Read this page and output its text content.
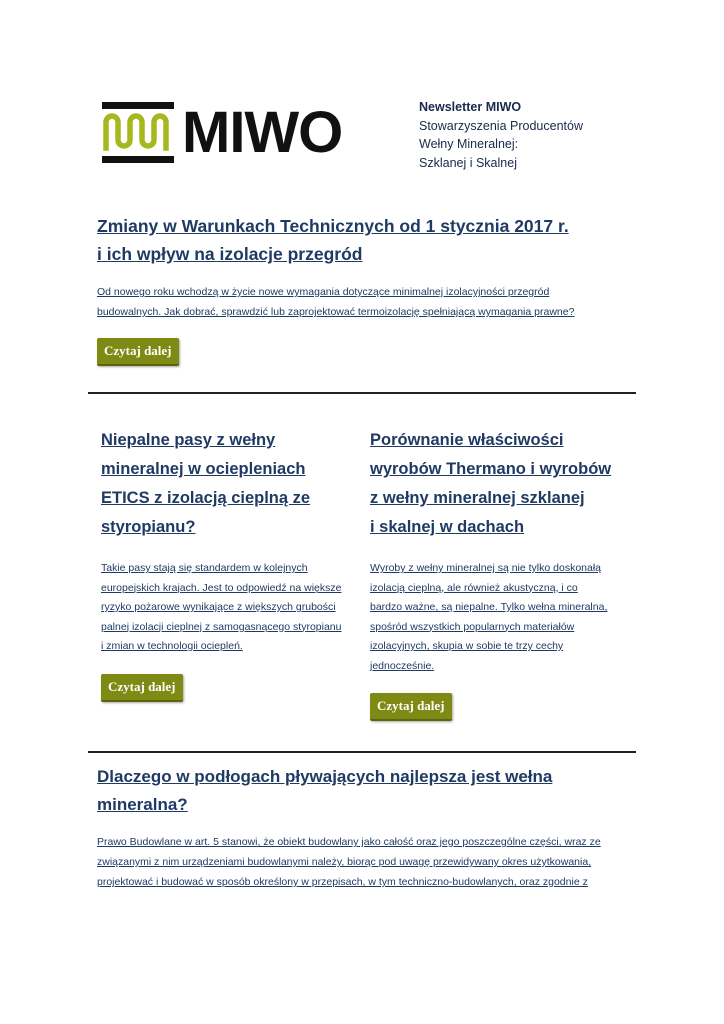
MIWO	Newsletter MIWO
Stowarzyszenia Producentów
Wełny Mineralnej:
Szklanej i Skalnej
Zmiany w Warunkach Technicznych od 1 stycznia 2017 r.
i ich wpływ na izolacje przegród
Od nowego roku wchodzą w życie nowe wymagania dotyczące minimalnej izolacyjności przegród
budowalnych. Jak dobrać, sprawdzić lub zaprojektować termoizolację spełniającą wymagania prawne?
Czytaj dalej
Niepalne pasy z wełny
mineralnej w ociepleniach
ETICS z izolacją cieplną ze
styropianu?
Takie pasy stają się standardem w kolejnych
europejskich krajach. Jest to odpowiedź na większe
ryzyko pożarowe wynikające z większych grubości
palnej izolacji cieplnej z samogasnącego styropianu
i zmian w technologii ociepleń.
Czytaj dalej
Porównanie właściwości
wyrobów Thermano i wyrobów
z wełny mineralnej szklanej
i skalnej w dachach
Wyroby z wełny mineralnej są nie tylko doskonałą
izolacją cieplną, ale również akustyczną, i co
bardzo ważne, są niepalne. Tylko wełna mineralna,
spośród wszystkich popularnych materiałów
izolacyjnych, skupia w sobie te trzy cechy
jednocześnie.
Czytaj dalej
Dlaczego w podłogach pływających najlepsza jest wełna
mineralna?
Prawo Budowlane w art. 5 stanowi, że obiekt budowlany jako całość oraz jego poszczególne części, wraz ze
związanymi z nim urządzeniami budowlanymi należy, biorąc pod uwagę przewidywany okres użytkowania,
projektować i budować w sposób określony w przepisach, w tym techniczno-budowlanych, oraz zgodnie z
